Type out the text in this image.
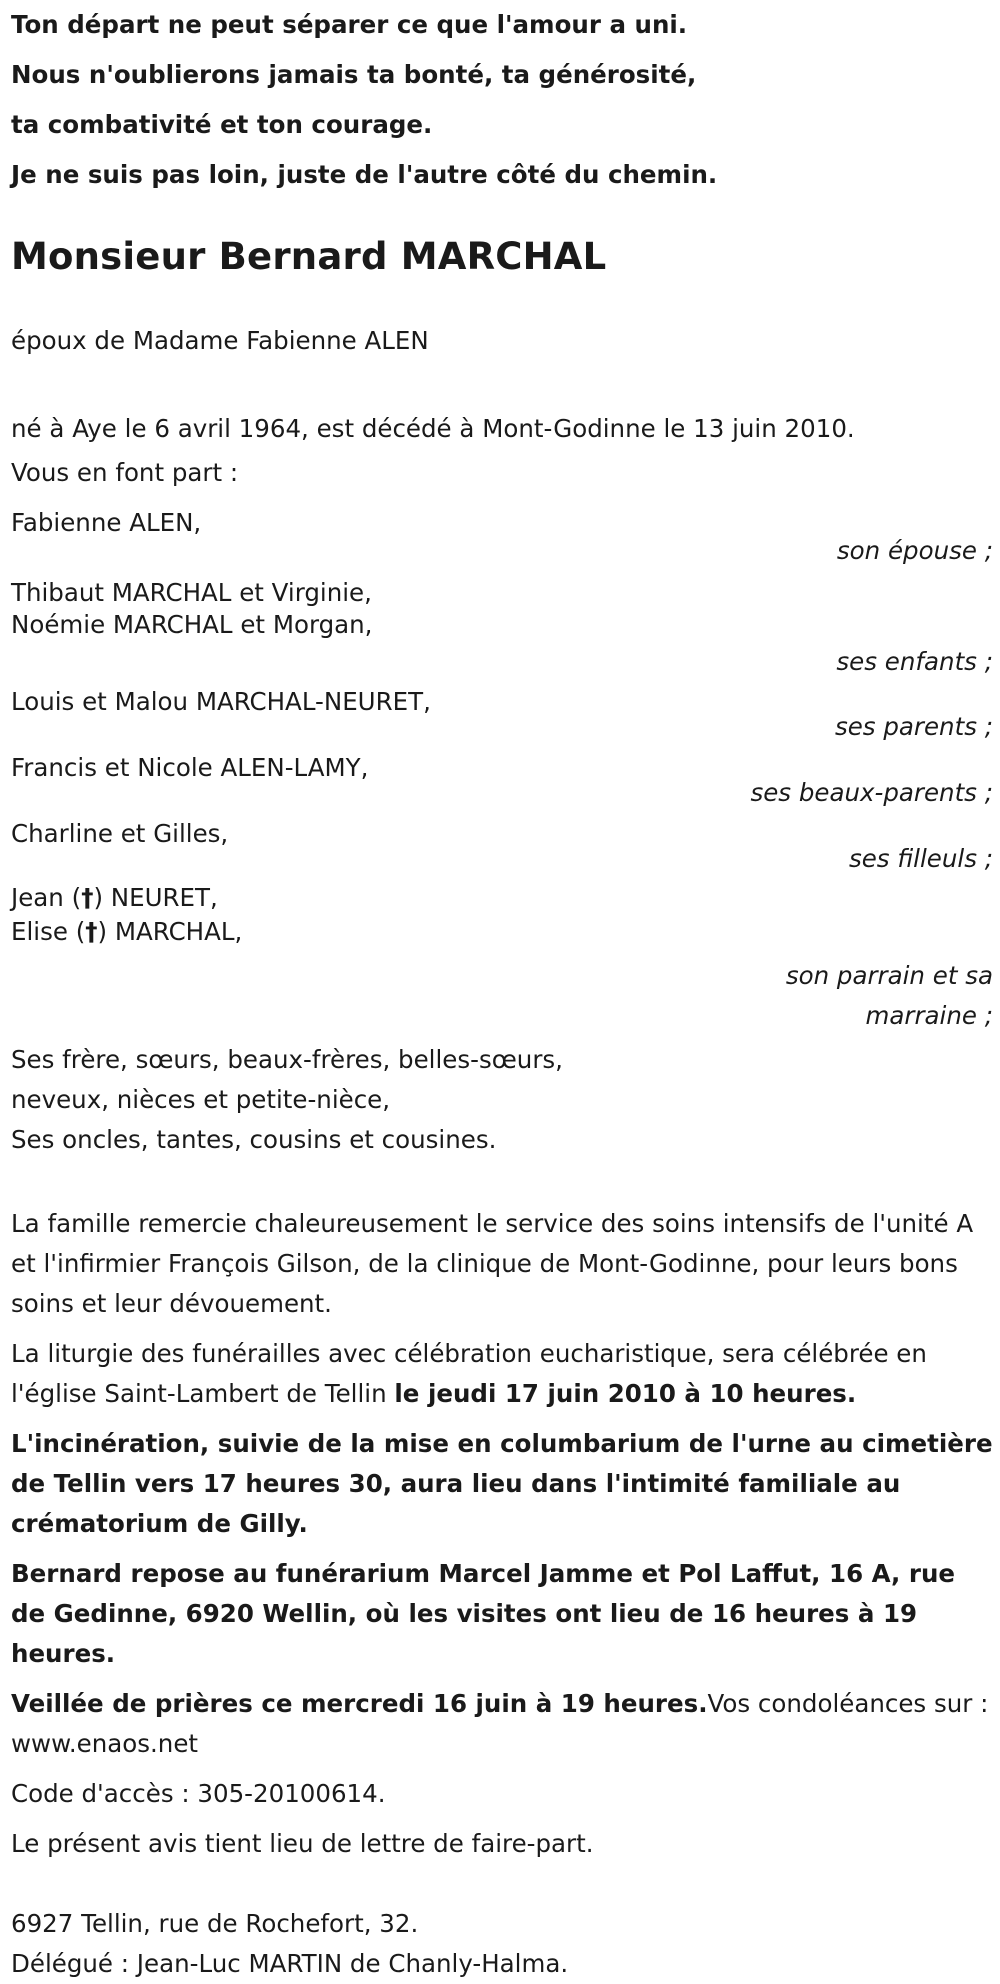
Ton départ ne peut séparer ce que l'amour a uni.
Nous n'oublierons jamais ta bonté, ta générosité,
ta combativité et ton courage.
Je ne suis pas loin, juste de l'autre côté du chemin.
Monsieur Bernard MARCHAL
époux de Madame Fabienne ALEN
né à Aye le 6 avril 1964, est décédé à Mont-Godinne le 13 juin 2010.
Vous en font part :
Fabienne ALEN,
son épouse ;
Thibaut MARCHAL et Virginie,
Noémie MARCHAL et Morgan,
ses enfants ;
Louis et Malou MARCHAL-NEURET,
ses parents ;
Francis et Nicole ALEN-LAMY,
ses beaux-parents ;
Charline et Gilles,
ses filleuls ;
Jean (†) NEURET,
Elise (†) MARCHAL,
son parrain et sa marraine ;
Ses frère, sœurs, beaux-frères, belles-sœurs,
neveux, nièces et petite-nièce,
Ses oncles, tantes, cousins et cousines.
La famille remercie chaleureusement le service des soins intensifs de l'unité A et l'infirmier François Gilson, de la clinique de Mont-Godinne, pour leurs bons soins et leur dévouement.
La liturgie des funérailles avec célébration eucharistique, sera célébrée en l'église Saint-Lambert de Tellin le jeudi 17 juin 2010 à 10 heures.
L'incinération, suivie de la mise en columbarium de l'urne au cimetière de Tellin vers 17 heures 30, aura lieu dans l'intimité familiale au crématorium de Gilly.
Bernard repose au funérarium Marcel Jamme et Pol Laffut, 16 A, rue de Gedinne, 6920 Wellin, où les visites ont lieu de 16 heures à 19 heures.
Veillée de prières ce mercredi 16 juin à 19 heures.Vos condoléances sur : www.enaos.net
Code d'accès : 305-20100614.
Le présent avis tient lieu de lettre de faire-part.
6927 Tellin, rue de Rochefort, 32.
Délégué : Jean-Luc MARTIN de Chanly-Halma.
